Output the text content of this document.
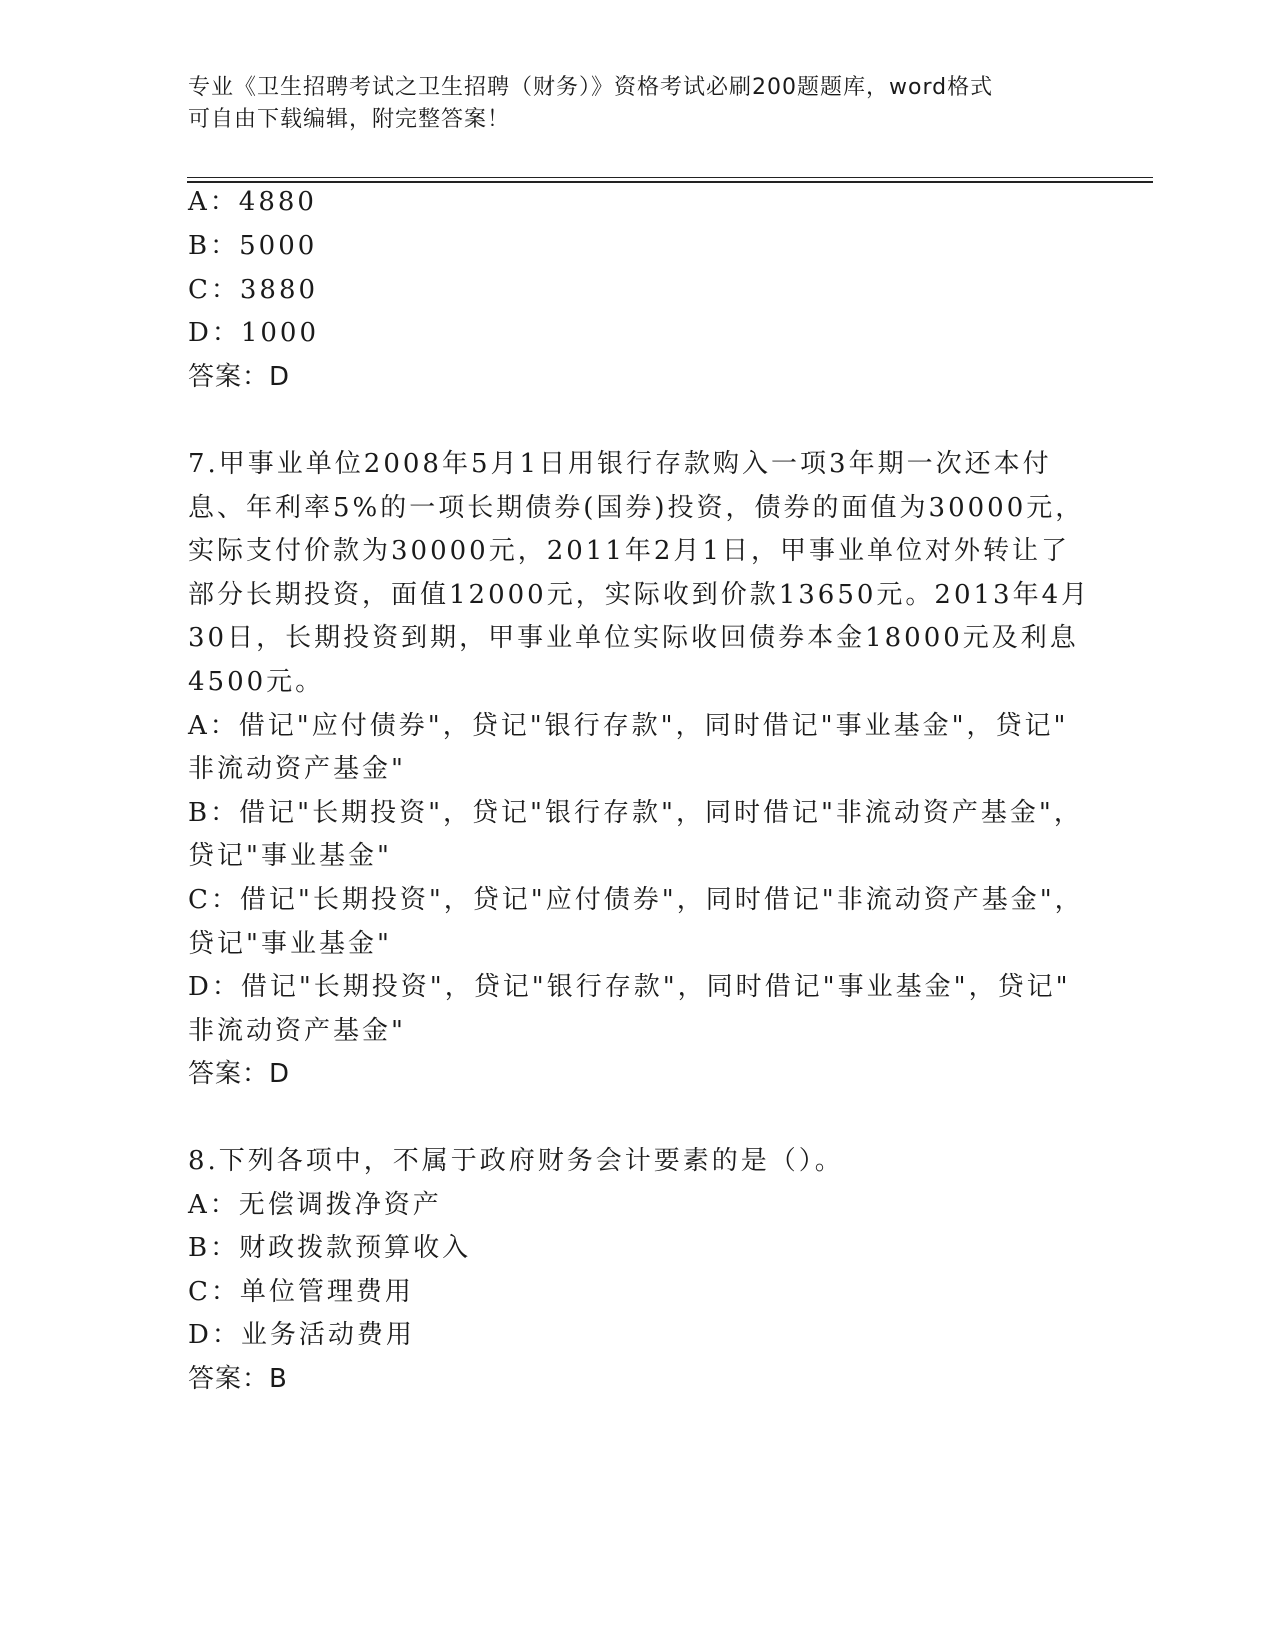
专业《卫生招聘考试之卫生招聘（财务）》资格考试必刷200题题库，word格式
可自由下载编辑，附完整答案！
A：4880
B：5000
C：3880
D：1000
答案：D
7.甲事业单位2008年5月1日用银行存款购入一项3年期一次还本付
息、年利率5%的一项长期债券(国券)投资，债券的面值为30000元，
实际支付价款为30000元，2011年2月1日，甲事业单位对外转让了
部分长期投资，面值12000元，实际收到价款13650元。2013年4月
30日，长期投资到期，甲事业单位实际收回债券本金18000元及利息
4500元。
A：借记"应付债券"，贷记"银行存款"，同时借记"事业基金"，贷记"
非流动资产基金"
B：借记"长期投资"，贷记"银行存款"，同时借记"非流动资产基金"，
贷记"事业基金"
C：借记"长期投资"，贷记"应付债券"，同时借记"非流动资产基金"，
贷记"事业基金"
D：借记"长期投资"，贷记"银行存款"，同时借记"事业基金"，贷记"
非流动资产基金"
答案：D
8.下列各项中，不属于政府财务会计要素的是（）。
A：无偿调拨净资产
B：财政拨款预算收入
C：单位管理费用
D：业务活动费用
答案：B
